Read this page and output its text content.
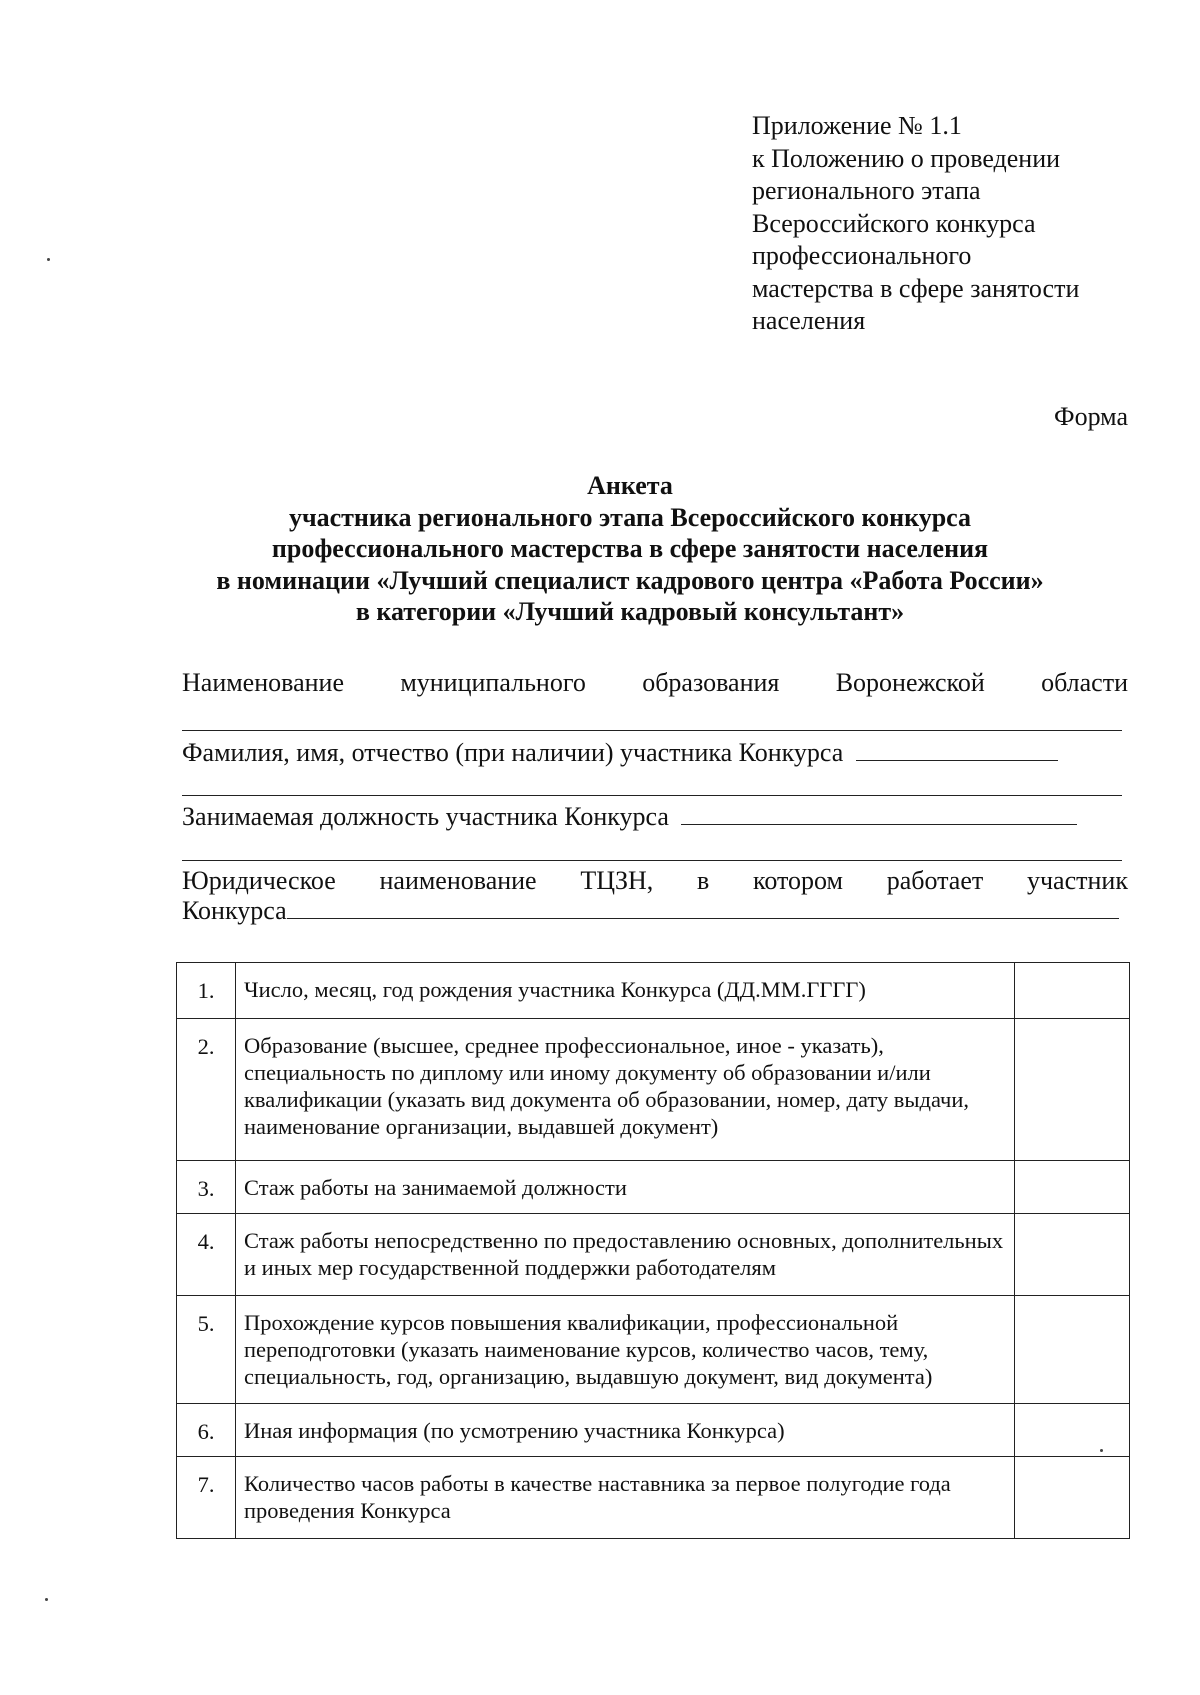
Приложение № 1.1
к Положению о проведении
регионального этапа
Всероссийского конкурса
профессионального
мастерства в сфере занятости
населения
Форма
Анкета
участника регионального этапа Всероссийского конкурса
профессионального мастерства в сфере занятости населения
в номинации «Лучший специалист кадрового центра «Работа России»
в категории «Лучший кадровый консультант»
Наименование муниципального образования Воронежской области
Фамилия, имя, отчество (при наличии) участника Конкурса
Занимаемая должность участника Конкурса
Юридическое наименование ТЦЗН, в котором работает участник
Конкурса
1.	Число, месяц, год рождения участника Конкурса (ДД.ММ.ГГГГ)	
2.	Образование (высшее, среднее профессиональное, иное - указать), специальность по диплому или иному документу об образовании и/или квалификации (указать вид документа об образовании, номер, дату выдачи, наименование организации, выдавшей документ)	
3.	Стаж работы на занимаемой должности	
4.	Стаж работы непосредственно по предоставлению основных, дополнительных и иных мер государственной поддержки работодателям	
5.	Прохождение курсов повышения квалификации, профессиональной переподготовки (указать наименование курсов, количество часов, тему, специальность, год, организацию, выдавшую документ, вид документа)	
6.	Иная информация (по усмотрению участника Конкурса)	
7.	Количество часов работы в качестве наставника за первое полугодие года проведения Конкурса	
